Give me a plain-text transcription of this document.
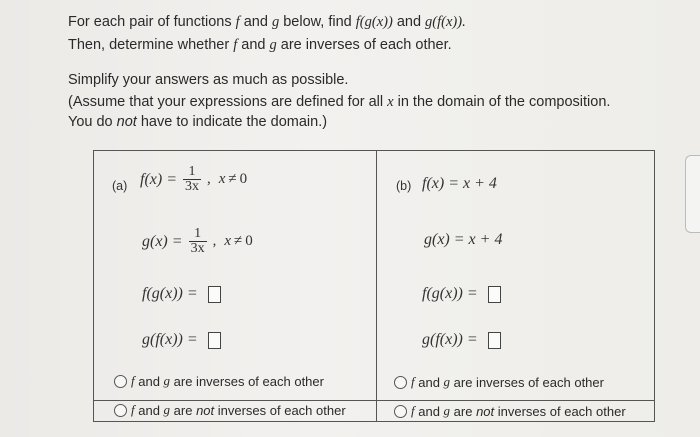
For each pair of functions f and g below, find f(g(x)) and g(f(x)).
Then, determine whether f and g are inverses of each other.
Simplify your answers as much as possible.
(Assume that your expressions are defined for all x in the domain of the composition.
You do not have to indicate the domain.)
(a) $f(x) = \frac{1}{3x}$ , x ≠ 0
$g(x) = \frac{1}{3x}$ , x ≠ 0
f(g(x)) =
g(f(x)) =
f and g are inverses of each other
f and g are not inverses of each other
(b) f(x) = x + 4
g(x) = x + 4
f(g(x)) =
g(f(x)) =
f and g are inverses of each other
f and g are not inverses of each other
